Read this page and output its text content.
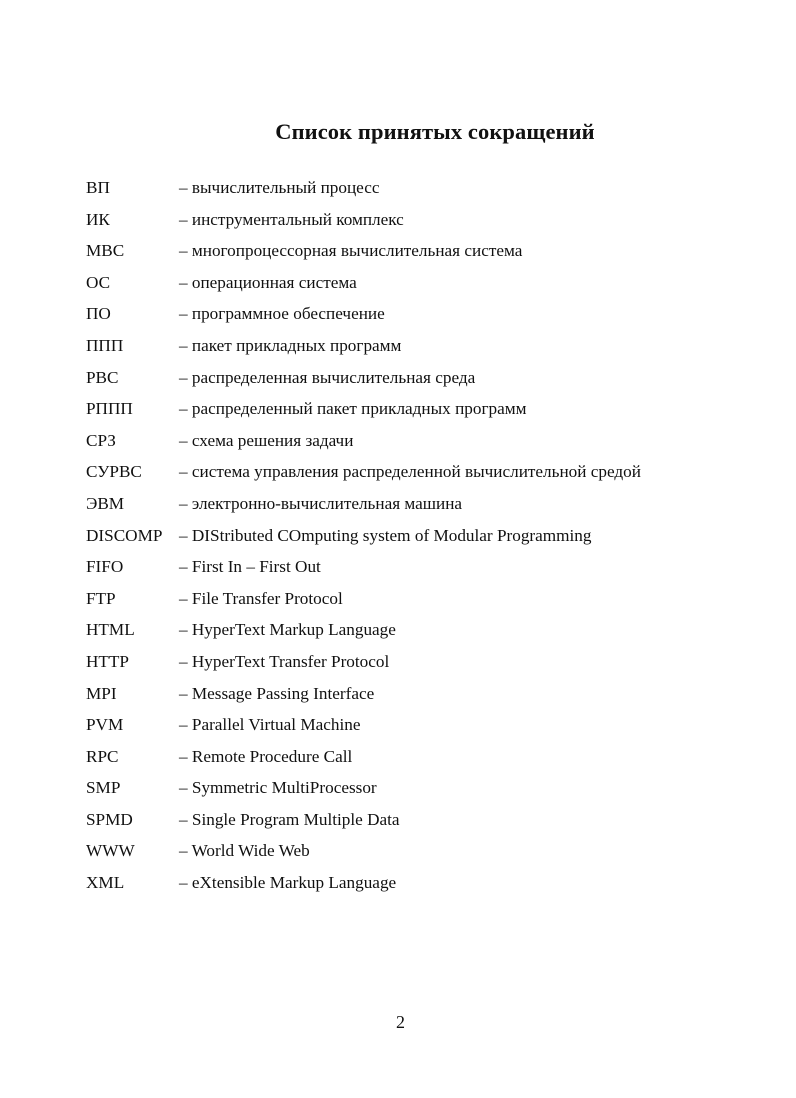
Список принятых сокращений
ВП	– вычислительный процесс
ИК	– инструментальный комплекс
МВС	– многопроцессорная вычислительная система
ОС	– операционная система
ПО	– программное обеспечение
ППП	– пакет прикладных программ
РВС	– распределенная вычислительная среда
РППП	– распределенный пакет прикладных программ
СРЗ	– схема решения задачи
СУРВС – система управления распределенной вычислительной средой
ЭВМ	– электронно-вычислительная машина
DISCOMP – DIStributed COmputing system of Modular Programming
FIFO	– First In – First Out
FTP	– File Transfer Protocol
HTML	– HyperText Markup Language
HTTP	– HyperText Transfer Protocol
MPI	– Message Passing Interface
PVM	– Parallel Virtual Machine
RPC	– Remote Procedure Call
SMP	– Symmetric MultiProcessor
SPMD	– Single Program Multiple Data
WWW	– World Wide Web
XML	– eXtensible Markup Language
2
